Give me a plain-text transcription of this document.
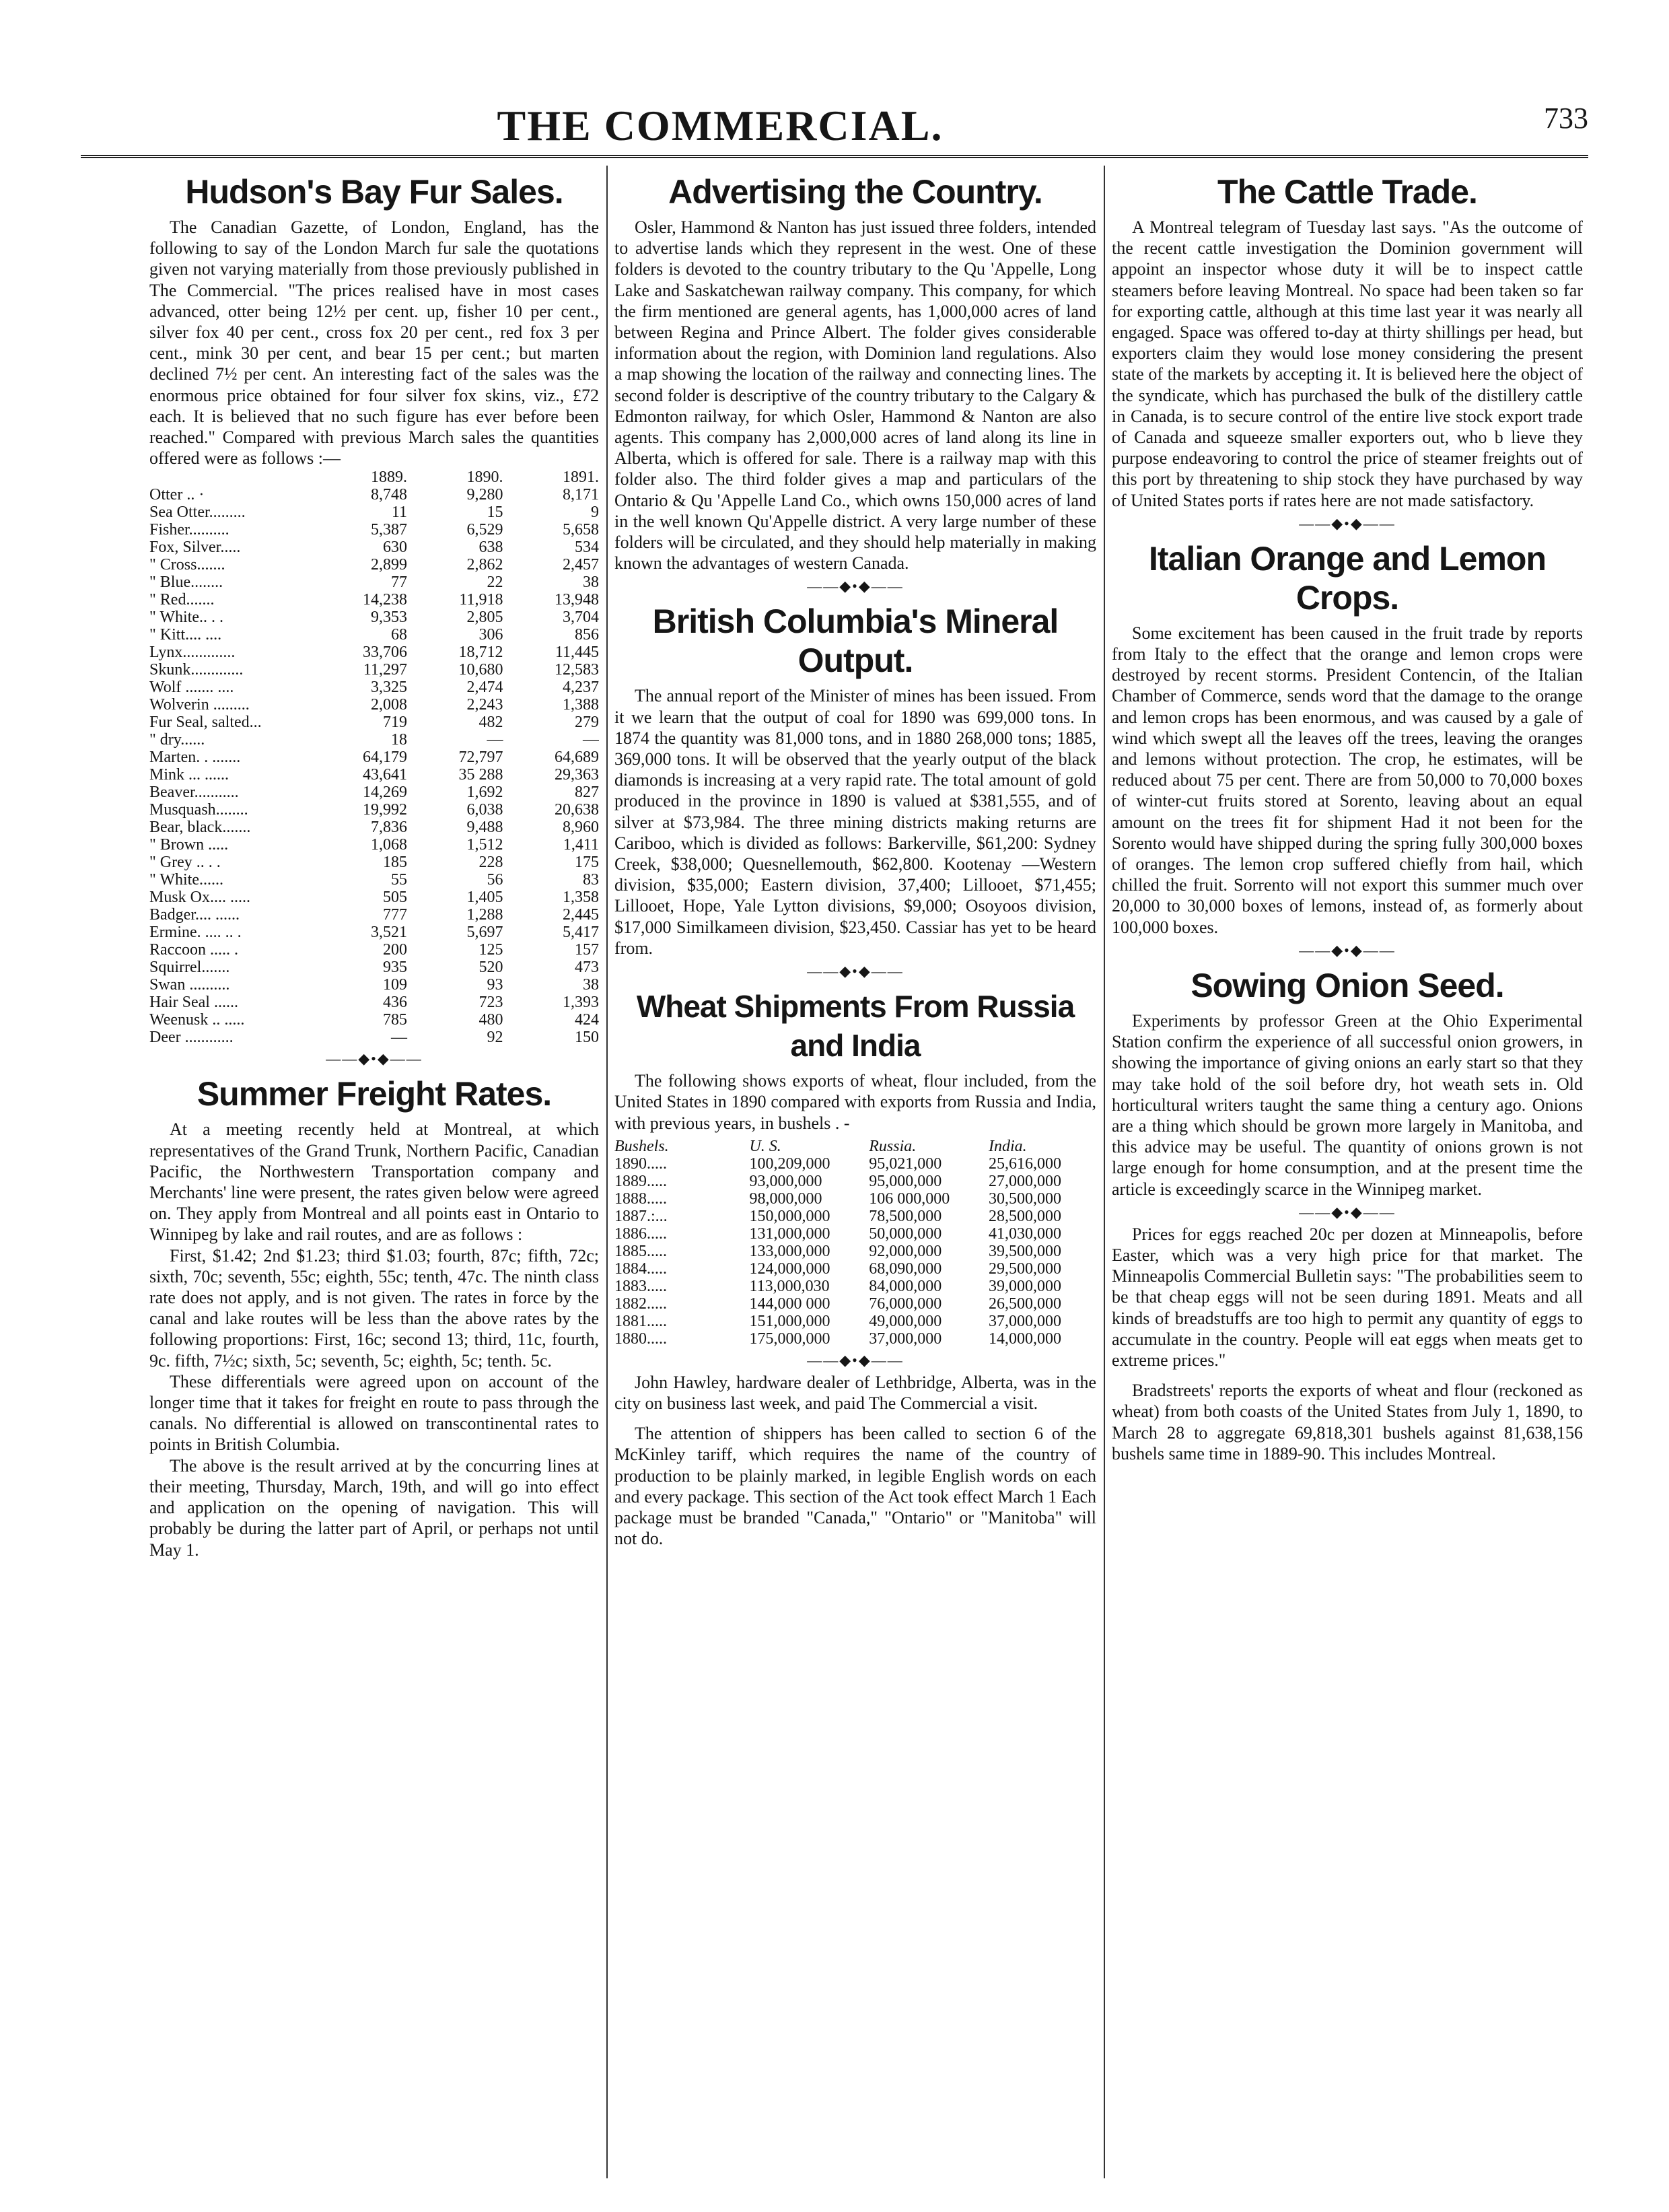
THE COMMERCIAL.	733
Hudson's Bay Fur Sales.

The Canadian Gazette, of London, England, has the following to say of the London March fur sale the quotations given not varying materially from those previously published in The Commercial. "The prices realised have in most cases advanced, otter being 12½ per cent. up, fisher 10 per cent., silver fox 40 per cent., cross fox 20 per cent., red fox 3 per cent., mink 30 per cent, and bear 15 per cent.; but marten declined 7½ per cent. An interesting fact of the sales was the enormous price obtained for four silver fox skins, viz., £72 each. It is believed that no such figure has ever before been reached." Compared with previous March sales the quantities offered were as follows :—

	1889.	1890.	1891.
Otter .. ·	8,748	9,280	8,171
Sea Otter.........	11	15	9
Fisher..........	5,387	6,529	5,658
Fox, Silver.....	630	638	534
" Cross.......	2,899	2,862	2,457
" Blue........	77	22	38
" Red.......	14,238	11,918	13,948
" White.. . .	9,353	2,805	3,704
" Kitt.... ....	68	306	856
Lynx.............	33,706	18,712	11,445
Skunk.............	11,297	10,680	12,583
Wolf ....... ....	3,325	2,474	4,237
Wolverin .........	2,008	2,243	1,388
Fur Seal, salted...	719	482	279
" dry......	18	—	—
Marten. . .......	64,179	72,797	64,689
Mink ... ......	43,641	35 288	29,363
Beaver...........	14,269	1,692	827
Musquash........	19,992	6,038	20,638
Bear, black.......	7,836	9,488	8,960
" Brown .....	1,068	1,512	1,411
" Grey .. . .	185	228	175
" White......	55	56	83
Musk Ox.... .....	505	1,405	1,358
Badger.... ......	777	1,288	2,445
Ermine. .... .. .	3,521	5,697	5,417
Raccoon ..... .	200	125	157
Squirrel.......	935	520	473
Swan ..........	109	93	38
Hair Seal ......	436	723	1,393
Weenusk .. .....	785	480	424
Deer ............	—	92	150
——◆•◆——
Summer Freight Rates.

At a meeting recently held at Montreal, at which representatives of the Grand Trunk, Northern Pacific, Canadian Pacific, the Northwestern Transportation company and Merchants' line were present, the rates given below were agreed on. They apply from Montreal and all points east in Ontario to Winnipeg by lake and rail routes, and are as follows :

First, $1.42; 2nd $1.23; third $1.03; fourth, 87c; fifth, 72c; sixth, 70c; seventh, 55c; eighth, 55c; tenth, 47c. The ninth class rate does not apply, and is not given. The rates in force by the canal and lake routes will be less than the above rates by the following proportions: First, 16c; second 13; third, 11c, fourth, 9c. fifth, 7½c; sixth, 5c; seventh, 5c; eighth, 5c; tenth. 5c.

These differentials were agreed upon on account of the longer time that it takes for freight en route to pass through the canals. No differential is allowed on transcontinental rates to points in British Columbia.

The above is the result arrived at by the concurring lines at their meeting, Thursday, March, 19th, and will go into effect and application on the opening of navigation. This will probably be during the latter part of April, or perhaps not until May 1.

Advertising the Country.

Osler, Hammond & Nanton has just issued three folders, intended to advertise lands which they represent in the west. One of these folders is devoted to the country tributary to the Qu 'Appelle, Long Lake and Saskatchewan railway company. This company, for which the firm mentioned are general agents, has 1,000,000 acres of land between Regina and Prince Albert. The folder gives considerable information about the region, with Dominion land regulations. Also a map showing the location of the railway and connecting lines. The second folder is descriptive of the country tributary to the Calgary & Edmonton railway, for which Osler, Hammond & Nanton are also agents. This company has 2,000,000 acres of land along its line in Alberta, which is offered for sale. There is a railway map with this folder also. The third folder gives a map and particulars of the Ontario & Qu 'Appelle Land Co., which owns 150,000 acres of land in the well known Qu'Appelle district. A very large number of these folders will be circulated, and they should help materially in making known the advantages of western Canada.

——◆•◆——
British Columbia's Mineral Output.

The annual report of the Minister of mines has been issued. From it we learn that the output of coal for 1890 was 699,000 tons. In 1874 the quantity was 81,000 tons, and in 1880 268,000 tons; 1885, 369,000 tons. It will be observed that the yearly output of the black diamonds is increasing at a very rapid rate. The total amount of gold produced in the province in 1890 is valued at $381,555, and of silver at $73,984. The three mining districts making returns are Cariboo, which is divided as follows: Barkerville, $61,200: Sydney Creek, $38,000; Quesnellemouth, $62,800. Kootenay —Western division, $35,000; Eastern division, 37,400; Lillooet, $71,455; Lillooet, Hope, Yale Lytton divisions, $9,000; Osoyoos division, $17,000 Similkameen division, $23,450. Cassiar has yet to be heard from.

——◆•◆——
Wheat Shipments From Russia and India

The following shows exports of wheat, flour included, from the United States in 1890 compared with exports from Russia and India, with previous years, in bushels . -

Bushels.	U. S.	Russia.	India.
1890.....	100,209,000	95,021,000	25,616,000
1889.....	93,000,000	95,000,000	27,000,000
1888.....	98,000,000	106 000,000	30,500,000
1887.:...	150,000,000	78,500,000	28,500,000
1886.....	131,000,000	50,000,000	41,030,000
1885.....	133,000,000	92,000,000	39,500,000
1884.....	124,000,000	68,090,000	29,500,000
1883.....	113,000,030	84,000,000	39,000,000
1882.....	144,000 000	76,000,000	26,500,000
1881.....	151,000,000	49,000,000	37,000,000
1880.....	175,000,000	37,000,000	14,000,000
——◆•◆——

John Hawley, hardware dealer of Lethbridge, Alberta, was in the city on business last week, and paid The Commercial a visit.

The attention of shippers has been called to section 6 of the McKinley tariff, which requires the name of the country of production to be plainly marked, in legible English words on each and every package. This section of the Act took effect March 1 Each package must be branded "Canada," "Ontario" or "Manitoba" will not do.

The Cattle Trade.

A Montreal telegram of Tuesday last says. "As the outcome of the recent cattle investigation the Dominion government will appoint an inspector whose duty it will be to inspect cattle steamers before leaving Montreal. No space had been taken so far for exporting cattle, although at this time last year it was nearly all engaged. Space was offered to-day at thirty shillings per head, but exporters claim they would lose money considering the present state of the markets by accepting it. It is believed here the object of the syndicate, which has purchased the bulk of the distillery cattle in Canada, is to secure control of the entire live stock export trade of Canada and squeeze smaller exporters out, who b lieve they purpose endeavoring to control the price of steamer freights out of this port by threatening to ship stock they have purchased by way of United States ports if rates here are not made satisfactory.

——◆•◆——
Italian Orange and Lemon Crops.

Some excitement has been caused in the fruit trade by reports from Italy to the effect that the orange and lemon crops were destroyed by recent storms. President Contencin, of the Italian Chamber of Commerce, sends word that the damage to the orange and lemon crops has been enormous, and was caused by a gale of wind which swept all the leaves off the trees, leaving the oranges and lemons without protection. The crop, he estimates, will be reduced about 75 per cent. There are from 50,000 to 70,000 boxes of winter-cut fruits stored at Sorento, leaving about an equal amount on the trees fit for shipment Had it not been for the Sorento would have shipped during the spring fully 300,000 boxes of oranges. The lemon crop suffered chiefly from hail, which chilled the fruit. Sorrento will not export this summer much over 20,000 to 30,000 boxes of lemons, instead of, as formerly about 100,000 boxes.

——◆•◆——
Sowing Onion Seed.

Experiments by professor Green at the Ohio Experimental Station confirm the experience of all successful onion growers, in showing the importance of giving onions an early start so that they may take hold of the soil before dry, hot weath sets in. Old horticultural writers taught the same thing a century ago. Onions are a thing which should be grown more largely in Manitoba, and this advice may be useful. The quantity of onions grown is not large enough for home consumption, and at the present time the article is exceedingly scarce in the Winnipeg market.

——◆•◆——

Prices for eggs reached 20c per dozen at Minneapolis, before Easter, which was a very high price for that market. The Minneapolis Commercial Bulletin says: "The probabilities seem to be that cheap eggs will not be seen during 1891. Meats and all kinds of breadstuffs are too high to permit any quantity of eggs to accumulate in the country. People will eat eggs when meats get to extreme prices."

Bradstreets' reports the exports of wheat and flour (reckoned as wheat) from both coasts of the United States from July 1, 1890, to March 28 to aggregate 69,818,301 bushels against 81,638,156 bushels same time in 1889-90. This includes Montreal.
